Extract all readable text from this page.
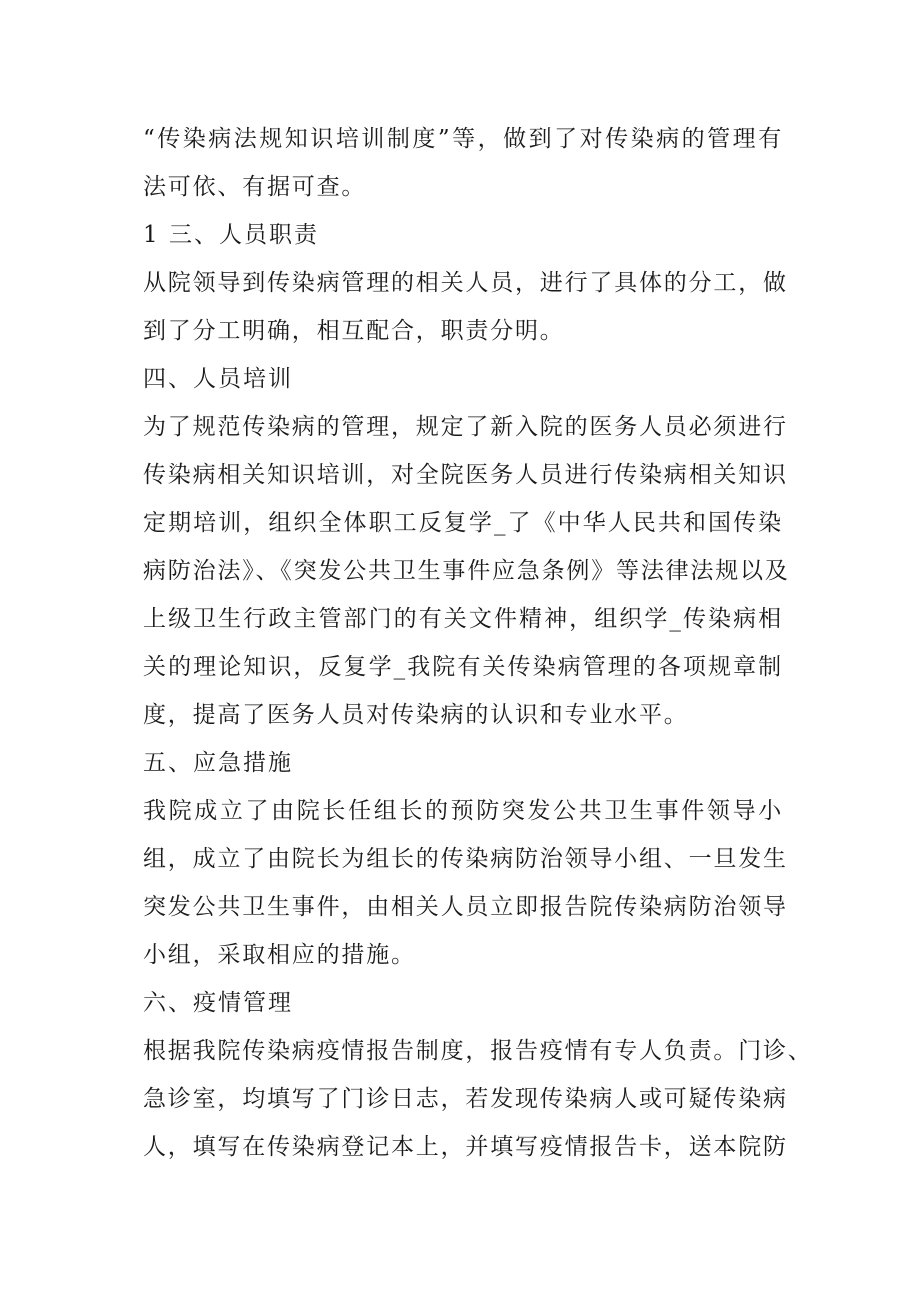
“传染病法规知识培训制度”等，做到了对传染病的管理有
法可依、有据可查。
1 三、人员职责
从院领导到传染病管理的相关人员，进行了具体的分工，做
到了分工明确，相互配合，职责分明。
四、人员培训
为了规范传染病的管理，规定了新入院的医务人员必须进行
传染病相关知识培训，对全院医务人员进行传染病相关知识
定期培训，组织全体职工反复学_了《中华人民共和国传染
病防治法》、《突发公共卫生事件应急条例》等法律法规以及
上级卫生行政主管部门的有关文件精神，组织学_传染病相
关的理论知识，反复学_我院有关传染病管理的各项规章制
度，提高了医务人员对传染病的认识和专业水平。
五、应急措施
我院成立了由院长任组长的预防突发公共卫生事件领导小
组，成立了由院长为组长的传染病防治领导小组、一旦发生
突发公共卫生事件，由相关人员立即报告院传染病防治领导
小组，采取相应的措施。
六、疫情管理
根据我院传染病疫情报告制度，报告疫情有专人负责。门诊、
急诊室，均填写了门诊日志，若发现传染病人或可疑传染病
人，填写在传染病登记本上，并填写疫情报告卡，送本院防
